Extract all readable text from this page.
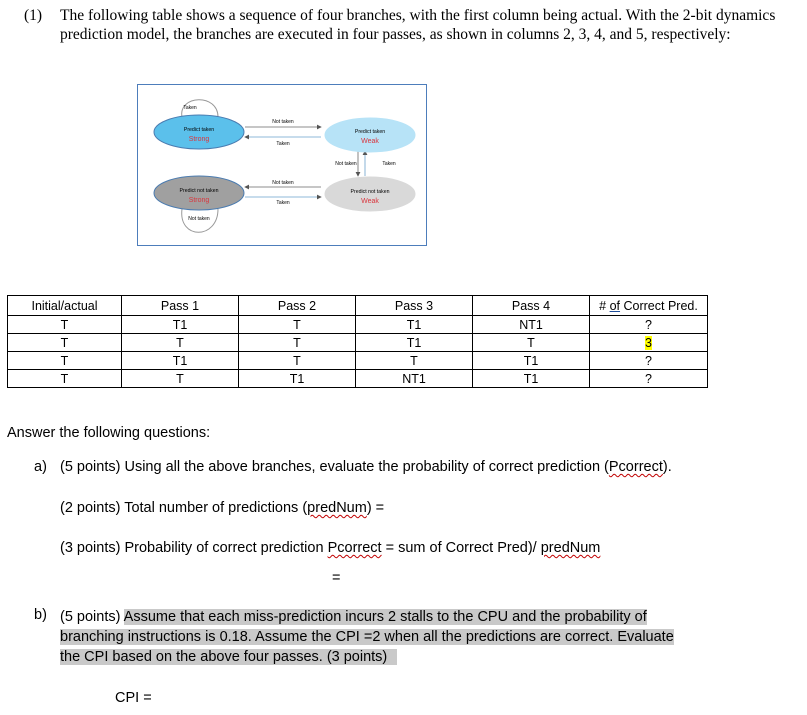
(1) The following table shows a sequence of four branches, with the first column being actual. With the 2-bit dynamics prediction model, the branches are executed in four passes, as shown in columns 2, 3, 4, and 5, respectively:
Taken
Not taken
Not taken
Taken
Not taken	Taken
Not taken
Taken
Predict taken
Strong
Predict taken
Weak
Predict not taken
Strong
Predict not taken
Weak
Initial/actual	Pass 1	Pass 2	Pass 3	Pass 4	# of Correct Pred.
T	T1	T	T1	NT1	?
T	T	T	T1	T	3
T	T1	T	T	T1	?
T	T	T1	NT1	T1	?
Answer the following questions:
a) (5 points) Using all the above branches, evaluate the probability of correct prediction (Pcorrect).
(2 points) Total number of predictions (predNum) =
(3 points) Probability of correct prediction Pcorrect = sum of Correct Pred)/ predNum
=
b) (5 points) Assume that each miss-prediction incurs 2 stalls to the CPU and the probability of
branching instructions is 0.18. Assume the CPI =2 when all the predictions are correct. Evaluate
the CPI based on the above four passes. (3 points)
CPI =
